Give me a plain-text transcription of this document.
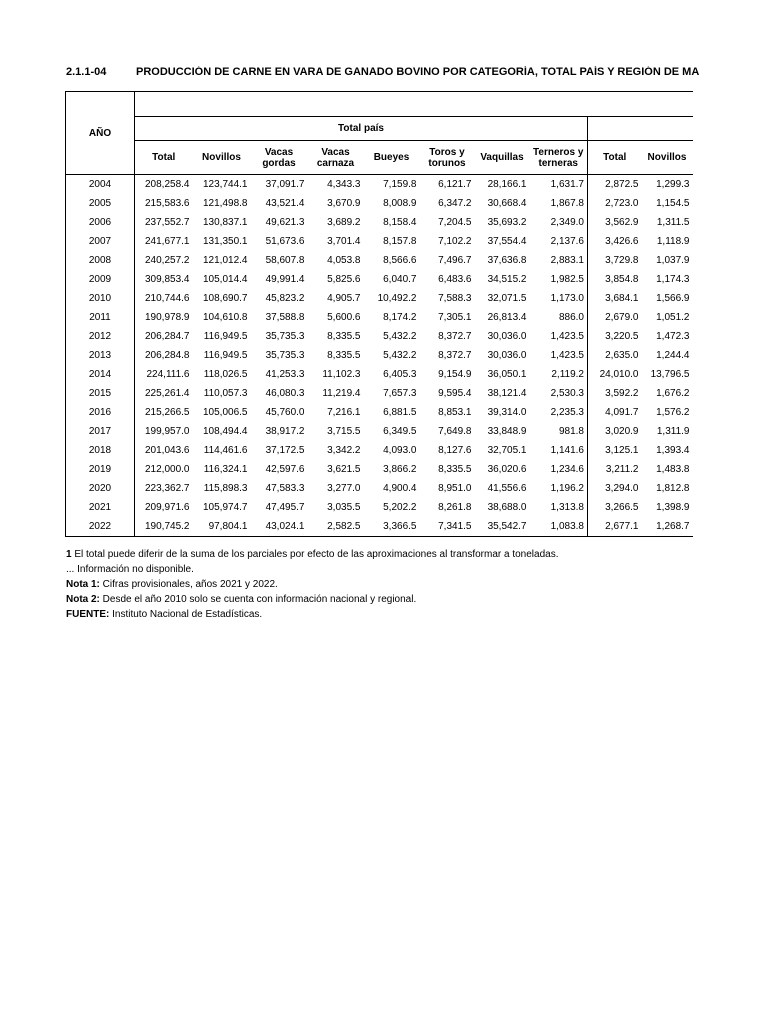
2.1.1-04	PRODUCCIÓN DE CARNE EN VARA DE GANADO BOVINO POR CATEGORÍA, TOTAL PAÍS Y REGIÓN DE MA
AÑO										
	Total país									
	Total	Novillos	Vacas gordas	Vacas carnaza	Bueyes	Toros y torunos	Vaquillas	Terneros y terneras	Total	Novillos
2004	208,258.4	123,744.1	37,091.7	4,343.3	7,159.8	6,121.7	28,166.1	1,631.7	2,872.5	1,299.3
2005	215,583.6	121,498.8	43,521.4	3,670.9	8,008.9	6,347.2	30,668.4	1,867.8	2,723.0	1,154.5
2006	237,552.7	130,837.1	49,621.3	3,689.2	8,158.4	7,204.5	35,693.2	2,349.0	3,562.9	1,311.5
2007	241,677.1	131,350.1	51,673.6	3,701.4	8,157.8	7,102.2	37,554.4	2,137.6	3,426.6	1,118.9
2008	240,257.2	121,012.4	58,607.8	4,053.8	8,566.6	7,496.7	37,636.8	2,883.1	3,729.8	1,037.9
2009	309,853.4	105,014.4	49,991.4	5,825.6	6,040.7	6,483.6	34,515.2	1,982.5	3,854.8	1,174.3
2010	210,744.6	108,690.7	45,823.2	4,905.7	10,492.2	7,588.3	32,071.5	1,173.0	3,684.1	1,566.9
2011	190,978.9	104,610.8	37,588.8	5,600.6	8,174.2	7,305.1	26,813.4	886.0	2,679.0	1,051.2
2012	206,284.7	116,949.5	35,735.3	8,335.5	5,432.2	8,372.7	30,036.0	1,423.5	3,220.5	1,472.3
2013	206,284.8	116,949.5	35,735.3	8,335.5	5,432.2	8,372.7	30,036.0	1,423.5	2,635.0	1,244.4
2014	224,111.6	118,026.5	41,253.3	11,102.3	6,405.3	9,154.9	36,050.1	2,119.2	24,010.0	13,796.5
2015	225,261.4	110,057.3	46,080.3	11,219.4	7,657.3	9,595.4	38,121.4	2,530.3	3,592.2	1,676.2
2016	215,266.5	105,006.5	45,760.0	7,216.1	6,881.5	8,853.1	39,314.0	2,235.3	4,091.7	1,576.2
2017	199,957.0	108,494.4	38,917.2	3,715.5	6,349.5	7,649.8	33,848.9	981.8	3,020.9	1,311.9
2018	201,043.6	114,461.6	37,172.5	3,342.2	4,093.0	8,127.6	32,705.1	1,141.6	3,125.1	1,393.4
2019	212,000.0	116,324.1	42,597.6	3,621.5	3,866.2	8,335.5	36,020.6	1,234.6	3,211.2	1,483.8
2020	223,362.7	115,898.3	47,583.3	3,277.0	4,900.4	8,951.0	41,556.6	1,196.2	3,294.0	1,812.8
2021	209,971.6	105,974.7	47,495.7	3,035.5	5,202.2	8,261.8	38,688.0	1,313.8	3,266.5	1,398.9
2022	190,745.2	97,804.1	43,024.1	2,582.5	3,366.5	7,341.5	35,542.7	1,083.8	2,677.1	1,268.7
1 El total puede diferir de la suma de los parciales por efecto de las aproximaciones al transformar a toneladas.
... Información no disponible.
Nota 1: Cifras provisionales, años 2021 y 2022.
Nota 2: Desde el año 2010 solo se cuenta con información nacional y regional.
FUENTE: Instituto Nacional de Estadísticas.
